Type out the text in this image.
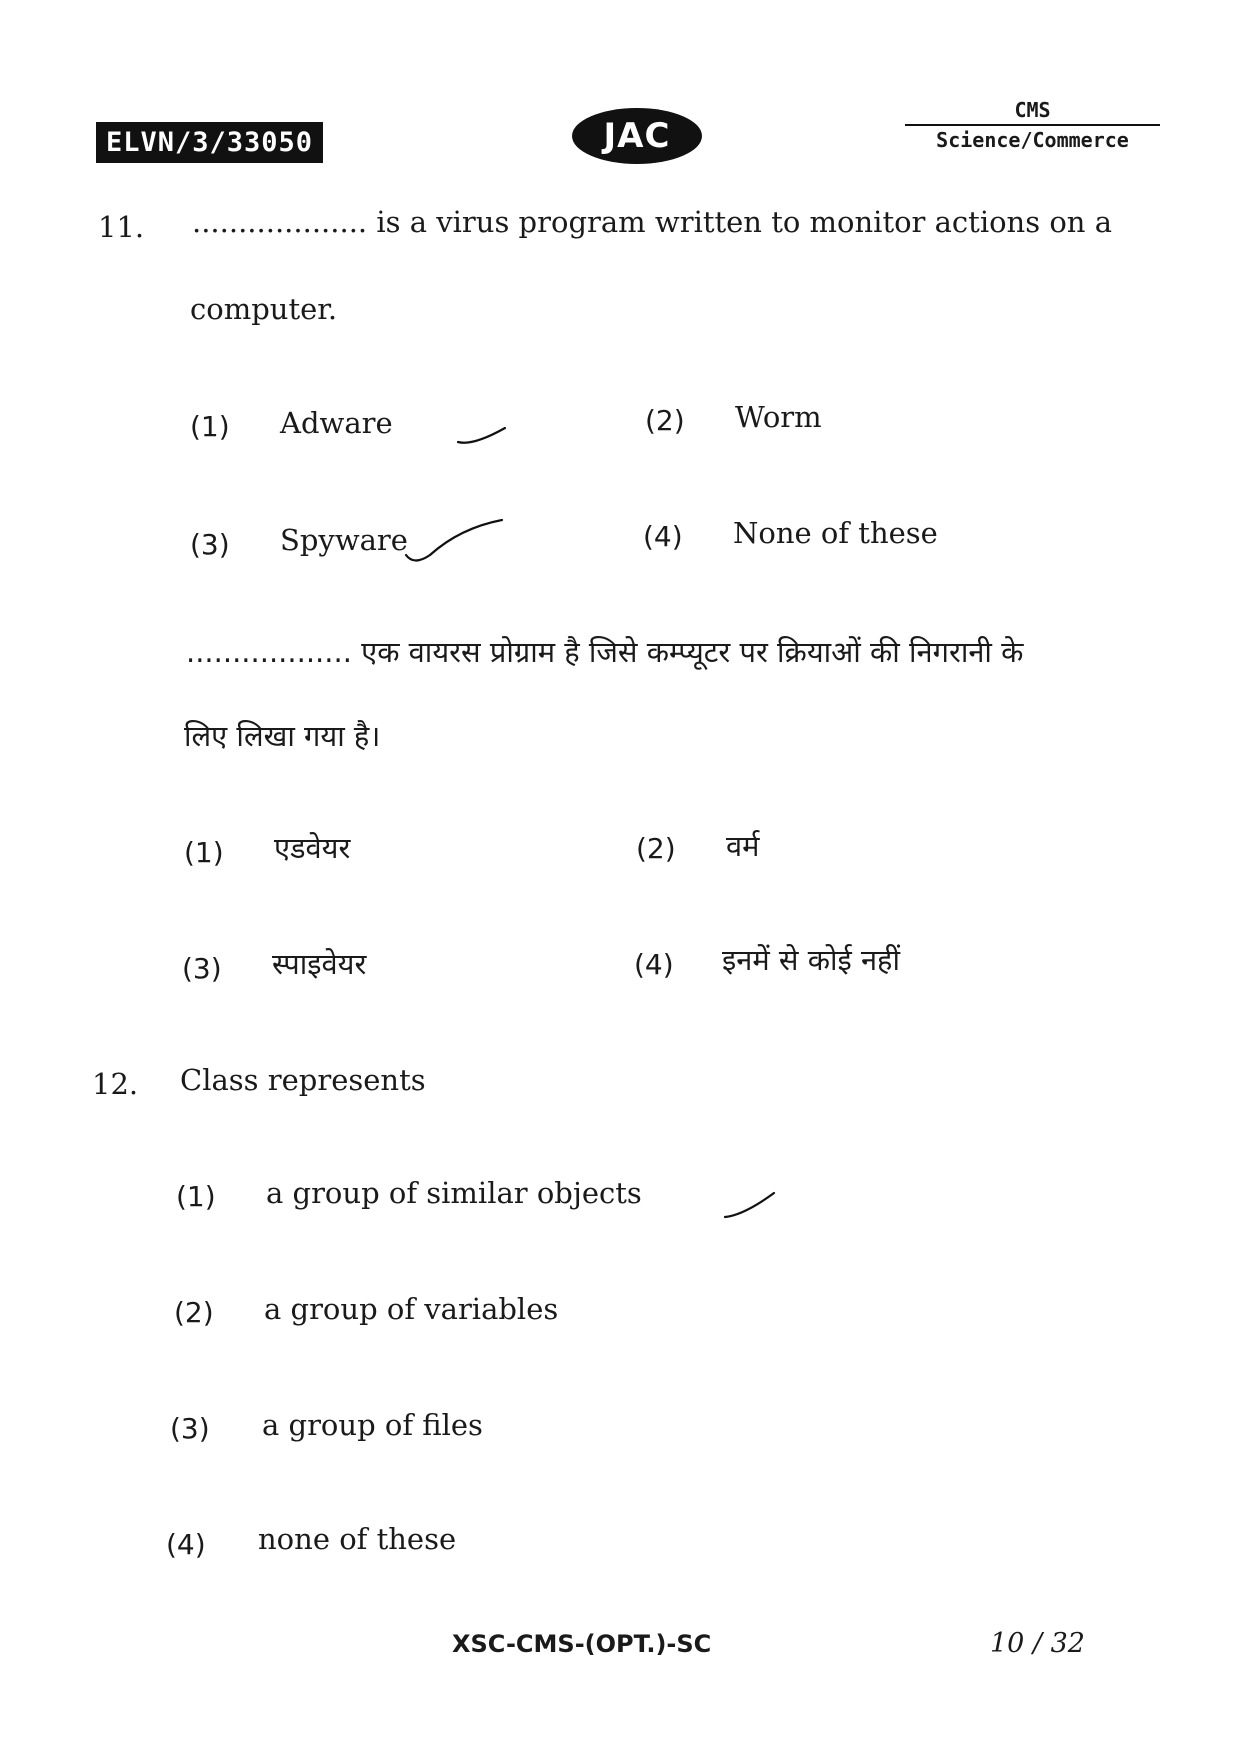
ELVN/3/33050	JAC
CMS
Science/Commerce
11. ................... is a virus program written to monitor actions on a
computer.
(1) Adware	(2) Worm
(3) Spyware	(4) None of these
.................. एक वायरस प्रोग्राम है जिसे कम्प्यूटर पर क्रियाओं की निगरानी के
लिए लिखा गया है।
(1) एडवेयर	(2) वर्म
(3) स्पाइवेयर	(4) इनमें से कोई नहीं
12. Class represents
(1) a group of similar objects
(2) a group of variables
(3) a group of files
(4) none of these
XSC-CMS-(OPT.)-SC	10 / 32
